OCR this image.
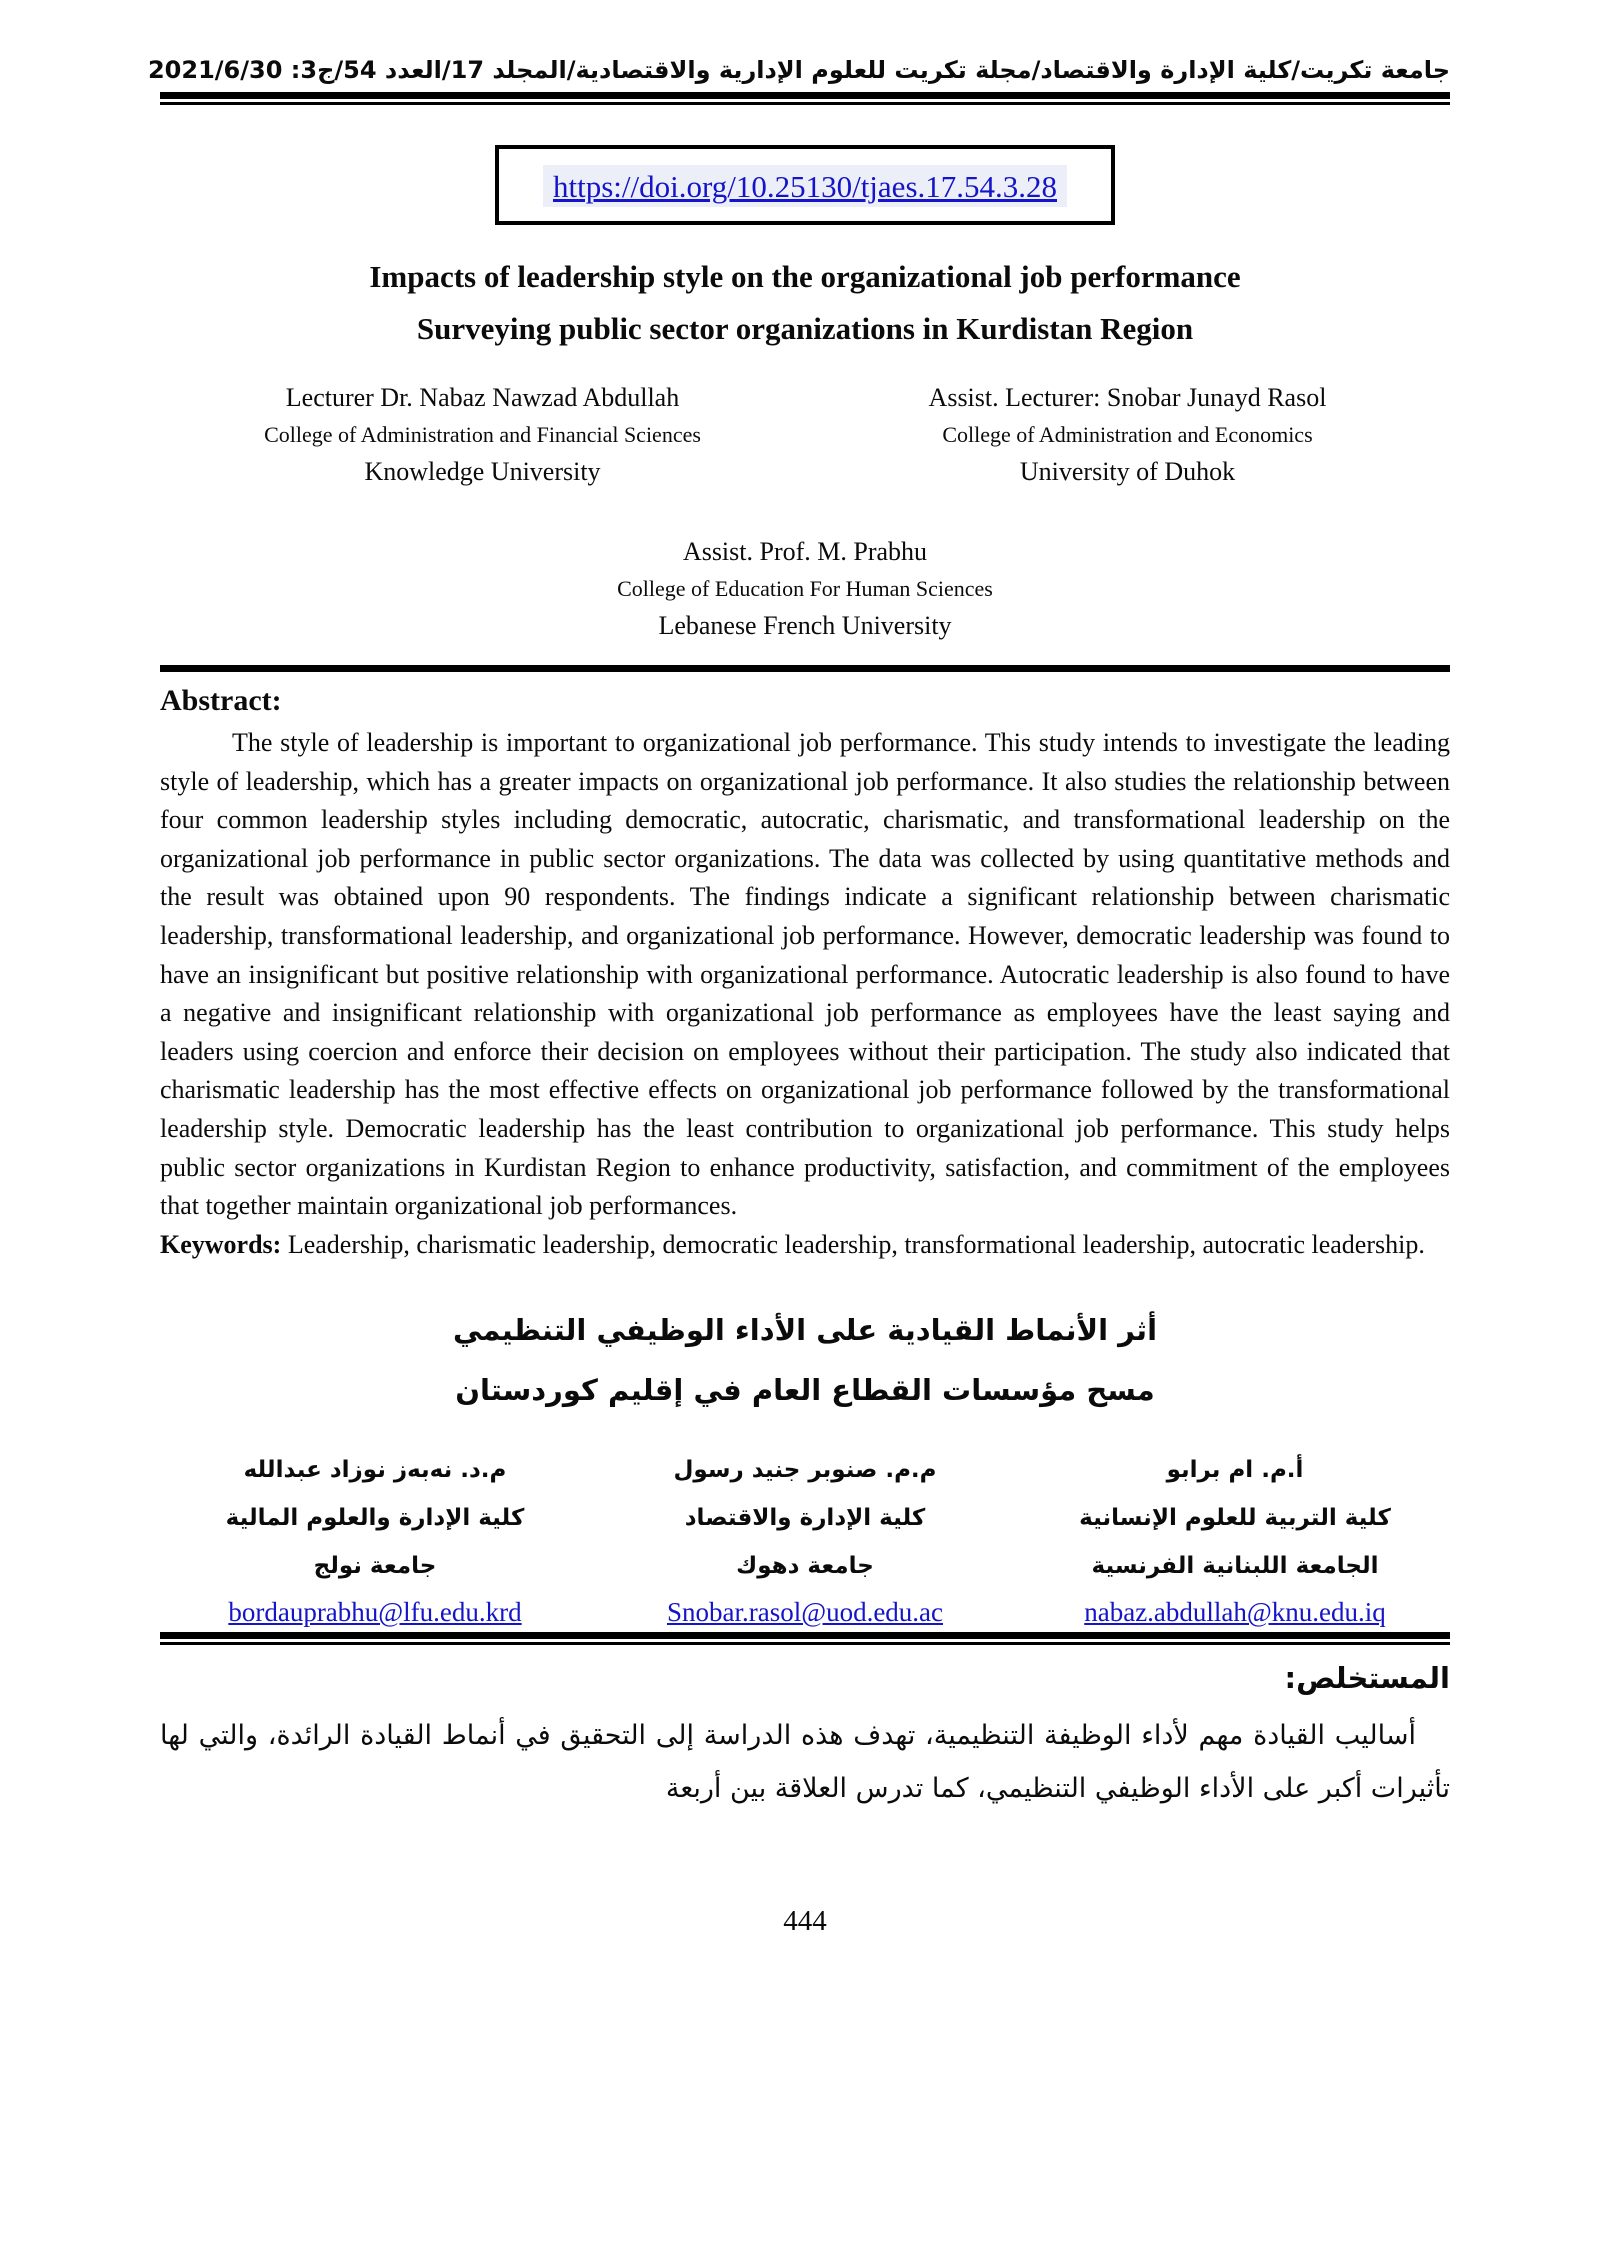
جامعة تكريت/كلية الإدارة والاقتصاد/مجلة تكريت للعلوم الإدارية والاقتصادية/المجلد 17/العدد 54/ج3: 2021/6/30
https://doi.org/10.25130/tjaes.17.54.3.28
Impacts of leadership style on the organizational job performance
Surveying public sector organizations in Kurdistan Region
Lecturer Dr. Nabaz Nawzad Abdullah
College of Administration and Financial Sciences
Knowledge University
Assist. Lecturer: Snobar Junayd Rasol
College of Administration and Economics
University of Duhok
Assist. Prof. M. Prabhu
College of Education For Human Sciences
Lebanese French University
Abstract:

The style of leadership is important to organizational job performance. This study intends to investigate the leading style of leadership, which has a greater impacts on organizational job performance. It also studies the relationship between four common leadership styles including democratic, autocratic, charismatic, and transformational leadership on the organizational job performance in public sector organizations. The data was collected by using quantitative methods and the result was obtained upon 90 respondents. The findings indicate a significant relationship between charismatic leadership, transformational leadership, and organizational job performance. However, democratic leadership was found to have an insignificant but positive relationship with organizational performance. Autocratic leadership is also found to have a negative and insignificant relationship with organizational job performance as employees have the least saying and leaders using coercion and enforce their decision on employees without their participation. The study also indicated that charismatic leadership has the most effective effects on organizational job performance followed by the transformational leadership style. Democratic leadership has the least contribution to organizational job performance. This study helps public sector organizations in Kurdistan Region to enhance productivity, satisfaction, and commitment of the employees that together maintain organizational job performances.

Keywords: Leadership, charismatic leadership, democratic leadership, transformational leadership, autocratic leadership.

أثر الأنماط القيادية على الأداء الوظيفي التنظيمي
مسح مؤسسات القطاع العام في إقليم كوردستان
أ.م. ام برابو
كلية التربية للعلوم الإنسانية
الجامعة اللبنانية الفرنسية
م.م. صنوبر جنيد رسول
كلية الإدارة والاقتصاد
جامعة دهوك
م.د. نه‌به‌ز نوزاد عبدالله
كلية الإدارة والعلوم المالية
جامعة نولج
bordauprabhu@lfu.edu.krd	Snobar.rasol@uod.edu.ac	nabaz.abdullah@knu.edu.iq
المستخلص:

أساليب القيادة مهم لأداء الوظيفة التنظيمية، تهدف هذه الدراسة إلى التحقيق في أنماط القيادة الرائدة، والتي لها تأثيرات أكبر على الأداء الوظيفي التنظيمي، كما تدرس العلاقة بين أربعة

444
